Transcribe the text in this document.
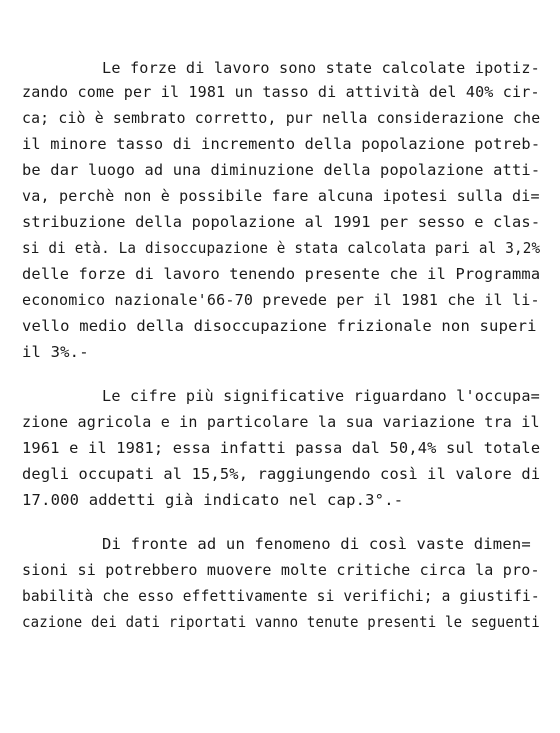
Le forze di lavoro sono state calcolate ipotiz-
zando come per il 1981 un tasso di attività del 40% cir-
ca; ciò è sembrato corretto, pur nella considerazione che
il minore tasso di incremento della popolazione potreb-
be dar luogo ad una diminuzione della popolazione atti-
va, perchè non è possibile fare alcuna ipotesi sulla di=
stribuzione della popolazione al 1991 per sesso e clas-
si di età. La disoccupazione è stata calcolata pari al 3,2%
delle forze di lavoro tenendo presente che il Programma
economico nazionale'66-70 prevede per il 1981 che il li-
vello medio della disoccupazione frizionale non superi
il 3%.-
Le cifre più significative riguardano l'occupa=
zione agricola e in particolare la sua variazione tra il
1961 e il 1981; essa infatti passa dal 50,4% sul totale
degli occupati al 15,5%, raggiungendo così il valore di
17.000 addetti già indicato nel cap.3°.-
Di fronte ad un fenomeno di così vaste dimen=
sioni si potrebbero muovere molte critiche circa la pro-
babilità che esso effettivamente si verifichi; a giustifi-
cazione dei dati riportati vanno tenute presenti le seguenti
